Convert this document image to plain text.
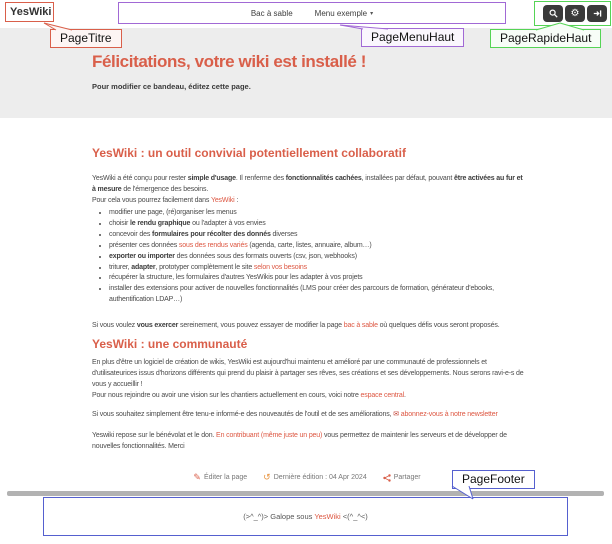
YesWiki	Bac à sable	Menu exemple ▾	⚙
Félicitations, votre wiki est installé !
Pour modifier ce bandeau, éditez cette page.
PageTitre	PageMenuHaut	PageRapideHaut
PageFooter
YesWiki : un outil convivial potentiellement collaboratif

YesWiki a été conçu pour rester simple d'usage. Il renferme des fonctionnalités cachées, installées par défaut, pouvant être activées au fur et à mesure de l'émergence des besoins.

Pour cela vous pourrez facilement dans YesWiki :

• modifier une page, (ré)organiser les menus
• choisir le rendu graphique ou l'adapter à vos envies
• concevoir des formulaires pour récolter des donnés diverses
• présenter ces données sous des rendus variés (agenda, carte, listes, annuaire, album…)
• exporter ou importer des données sous des formats ouverts (csv, json, webhooks)
• triturer, adapter, prototyper complètement le site selon vos besoins
• récupérer la structure, les formulaires d'autres YesWikis pour les adapter à vos projets
• installer des extensions pour activer de nouvelles fonctionnalités (LMS pour créer des parcours de formation, générateur d'ebooks, authentification LDAP…)

Si vous voulez vous exercer sereinement, vous pouvez essayer de modifier la page bac à sable où quelques défis vous seront proposés.

YesWiki : une communauté

En plus d'être un logiciel de création de wikis, YesWiki est aujourd'hui maintenu et amélioré par une communauté de professionnels et d'utilisateurices issus d'horizons différents qui prend du plaisir à partager ses rêves, ses créations et ses développements. Nous serons ravi-e-s de vous y accueillir !

Pour nous rejoindre ou avoir une vision sur les chantiers actuellement en cours, voici notre espace central.

Si vous souhaitez simplement être tenu-e informé-e des nouveautés de l'outil et de ses améliorations, ✉ abonnez-vous à notre newsletter

Yeswiki repose sur le bénévolat et le don. En contribuant (même juste un peu) vous permettez de maintenir les serveurs et de développer de nouvelles fonctionnalités. Merci

✎ Éditer la page ↺ Dernière édition : 04 Apr 2024	Partager
(>^_^)> Galope sous YesWiki <(^_^<)
